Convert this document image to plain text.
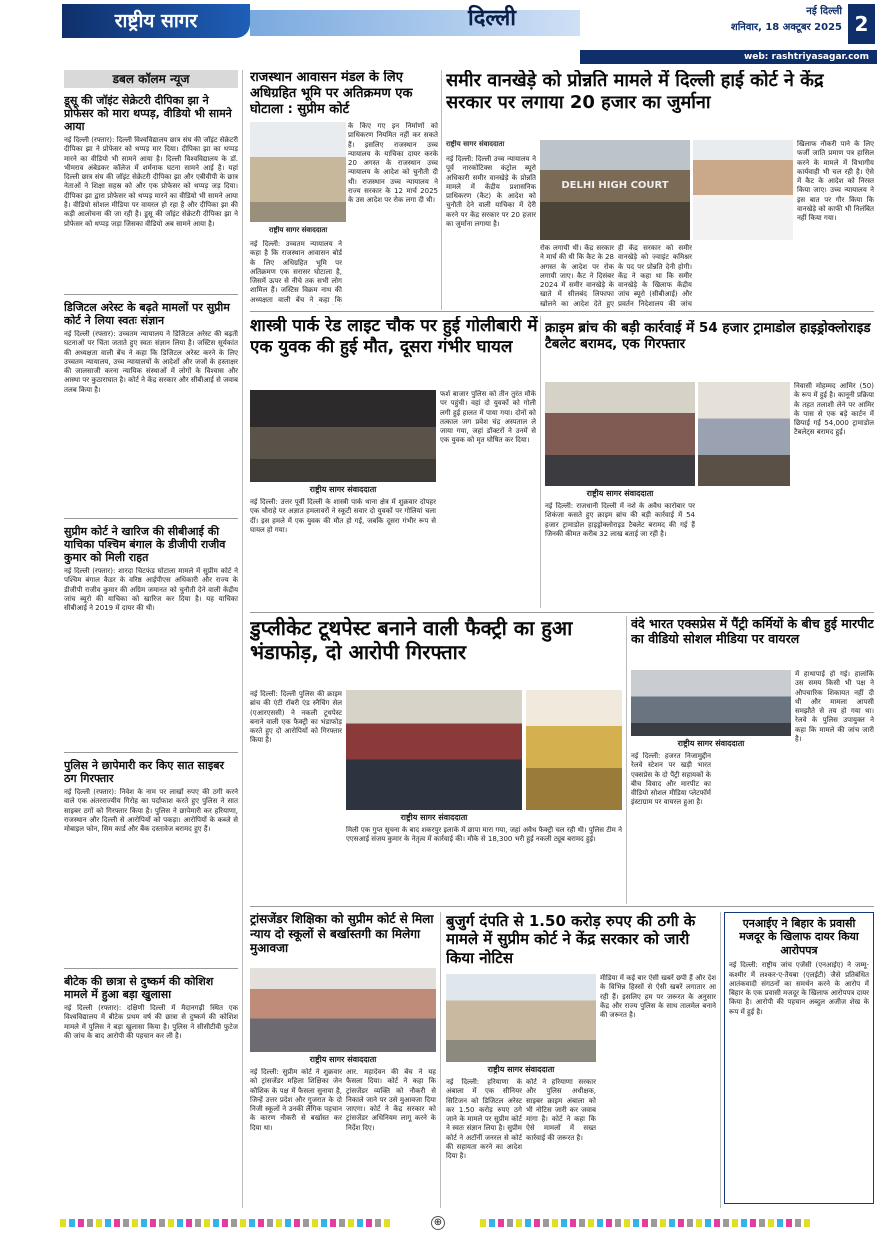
राष्ट्रीय सागर	दिल्ली	नई दिल्ली
शनिवार, 18 अक्टूबर 2025 2
web: rashtriyasagar.com
डबल कॉलम न्यूज
डूसू की जॉइंट सेक्रेटरी दीपिका झा ने प्रोफेसर को मारा थप्पड़, वीडियो भी सामने आया
नई दिल्ली (रफ्तार): दिल्ली विश्वविद्यालय छात्र संघ की जॉइंट सेक्रेटरी दीपिका झा ने प्रोफेसर को थप्पड़ मार दिया। दीपिका झा का थप्पड़ मारने का वीडियो भी सामने आया है। दिल्ली विश्वविद्यालय के डॉ. भीमराव अंबेडकर कॉलेज में शर्मनाक घटना सामने आई है। यहां दिल्ली छात्र संघ की जॉइंट सेक्रेटरी दीपिका झा और एबीवीपी के छात्र नेताओं ने शिक्षा सहस्र को और एक प्रोफेसर को थप्पड़ जड़ दिया। दीपिका झा द्वारा प्रोफेसर को थप्पड़ मारने का वीडियो भी सामने आया है। वीडियो सोशल मीडिया पर वायरल हो रहा है और दीपिका झा की कड़ी आलोचना की जा रही है। डूसू की जॉइंट सेक्रेटरी दीपिका झा ने प्रोफेसर को थप्पड़ जड़ा जिसका वीडियो अब सामने आया है।
डिजिटल अरेस्ट के बढ़ते मामलों पर सुप्रीम कोर्ट ने लिया स्वतः संज्ञान
नई दिल्ली (रफ्तार): उच्चतम न्यायालय ने डिजिटल अरेस्ट की बढ़ती घटनाओं पर चिंता जताते हुए स्वतः संज्ञान लिया है। जस्टिस सूर्यकांत की अध्यक्षता वाली बेंच ने कहा कि डिजिटल अरेस्ट करने के लिए उच्चतम न्यायालय, उच्च न्यायालयों के आदेशों और जजों के हस्ताक्षर की जालसाजी करना न्यायिक संस्थाओं में लोगों के विश्वास और आस्था पर कुठाराघात है। कोर्ट ने केंद्र सरकार और सीबीआई से जवाब तलब किया है।
सुप्रीम कोर्ट ने खारिज की सीबीआई की याचिका पश्चिम बंगाल के डीजीपी राजीव कुमार को मिली राहत
नई दिल्ली (रफ्तार): शारदा चिटफंड घोटाला मामले में सुप्रीम कोर्ट ने पश्चिम बंगाल कैडर के वरिष्ठ आईपीएस अधिकारी और राज्य के डीजीपी राजीव कुमार की अग्रिम जमानत को चुनौती देने वाली केंद्रीय जांच ब्यूरो की याचिका को खारिज कर दिया है। यह याचिका सीबीआई ने 2019 में दायर की थी।
पुलिस ने छापेमारी कर किए सात साइबर ठग गिरफ्तार
नई दिल्ली (रफ्तार): निवेश के नाम पर लाखों रुपए की ठगी करने वाले एक अंतरराज्यीय गिरोह का पर्दाफाश करते हुए पुलिस ने सात साइबर ठगों को गिरफ्तार किया है। पुलिस ने छापेमारी कर हरियाणा, राजस्थान और दिल्ली से आरोपियों को पकड़ा। आरोपियों के कब्जे से मोबाइल फोन, सिम कार्ड और बैंक दस्तावेज बरामद हुए हैं।
बीटेक की छात्रा से दुष्कर्म की कोशिश मामले में हुआ बड़ा खुलासा
नई दिल्ली (रफ्तार): दक्षिणी दिल्ली में मैदानगढ़ी स्थित एक विश्वविद्यालय में बीटेक प्रथम वर्ष की छात्रा से दुष्कर्म की कोशिश मामले में पुलिस ने बड़ा खुलासा किया है। पुलिस ने सीसीटीवी फुटेज की जांच के बाद आरोपी की पहचान कर ली है।
राजस्थान आवासन मंडल के लिए अधिग्रहित भूमि पर अतिक्रमण एक घोटाला : सुप्रीम कोर्ट
राष्ट्रीय सागर संवाददाता
नई दिल्ली: उच्चतम न्यायालय ने कहा है कि राजस्थान आवासन बोर्ड के लिए अधिग्रहित भूमि पर अतिक्रमण एक सरासर घोटाला है, जिसमें ऊपर से नीचे तक सभी लोग शामिल हैं। जस्टिस विक्रम नाथ की अध्यक्षता वाली बेंच ने कहा कि
के किए गए इन निर्माणों को प्राधिकरण नियमित नहीं कर सकते हैं। इसलिए राजस्थान उच्च न्यायालय के याचिका दायर करके 20 अगस्त के राजस्थान उच्च न्यायालय के आदेश को चुनौती दी थी। राजस्थान उच्च न्यायालय ने राज्य सरकार के 12 मार्च 2025 के उस आदेश पर रोक लगा दी थी।
समीर वानखेड़े को प्रोन्नति मामले में दिल्ली हाई कोर्ट ने केंद्र सरकार पर लगाया 20 हजार का जुर्माना
राष्ट्रीय सागर संवाददाता
नई दिल्ली: दिल्ली उच्च न्यायालय ने पूर्व नारकोटिक्स कंट्रोल ब्यूरो अधिकारी समीर वानखेड़े के प्रोन्नति मामले में केंद्रीय प्रशासनिक प्राधिकरण (कैट) के आदेश को चुनौती देने वाली याचिका में देरी करने पर केंद्र सरकार पर 20 हजार का जुर्माना लगाया है।
DELHI HIGH COURT
रोक लगायी थी। केंद्र सरकार ने मार्च की थी कि कैट के 28 अगस्त के आदेश पर रोक लगायी जाए। कैट ने दिसंबर 2024 में समीर वानखेड़े के खाते में सीलबंद लिफाफा खोलने का आदेश देते हुए
ही केंद्र सरकार को समीर वानखेड़े को ज्वाइंट कमिश्नर के पद पर प्रोन्नति देनी होगी। केंद्र ने कहा था कि समीर वानखेड़े के खिलाफ केंद्रीय जांच ब्यूरो (सीबीआई) और प्रवर्तन निदेशालय की जांच
खिलाफ नौकरी पाने के लिए फर्जी जाति प्रमाण पत्र हासिल करने के मामले में विभागीय कार्यवाही भी चल रही है। ऐसे में कैट के आदेश को निरस्त किया जाए। उच्च न्यायालय ने इस बात पर गौर किया कि वानखेड़े को काफी भी निलंबित नहीं किया गया।
शास्त्री पार्क रेड लाइट चौक पर हुई गोलीबारी में एक युवक की हुई मौत, दूसरा गंभीर घायल
राष्ट्रीय सागर संवाददाता
नई दिल्ली: उत्तर पूर्वी दिल्ली के शास्त्री पार्क थाना क्षेत्र में शुक्रवार दोपहर एक चौराहे पर अज्ञात हमलावरों ने स्कूटी सवार दो युवकों पर गोलियां चला दीं। इस हमले में एक युवक की मौत हो गई, जबकि दूसरा गंभीर रूप से घायल हो गया।
फर्श बाजार पुलिस को तीन तुरंत मौके पर पहुंची। वहां दो युवकों को गोली लगी हुई हालत में पाया गया। दोनों को तत्काल जग प्रवेश चंद्र अस्पताल ले जाया गया, जहां डॉक्टरों ने उनमें से एक युवक को मृत घोषित कर दिया।
क्राइम ब्रांच की बड़ी कार्रवाई में 54 हजार ट्रामाडोल हाइड्रोक्लोराइड टैबलेट बरामद, एक गिरफ्तार
राष्ट्रीय सागर संवाददाता
नई दिल्ली: राजधानी दिल्ली में नशे के अवैध कारोबार पर शिकंजा कसते हुए क्राइम ब्रांच की बड़ी कार्रवाई में 54 हजार ट्रामाडोल हाइड्रोक्लोराइड टैबलेट बरामद की गई हैं जिनकी कीमत करीब 32 लाख बताई जा रही है।
निवासी मोहम्मद आमिर (50) के रूप में हुई है। कानूनी प्रक्रिया के तहत तलाशी लेने पर आमिर के पास से एक बड़े कार्टन में छिपाई गई 54,000 ट्रामाडोल टैबलेट्स बरामद हुई।
डुप्लीकेट टूथपेस्ट बनाने वाली फैक्ट्री का हुआ भंडाफोड़, दो आरोपी गिरफ्तार
नई दिल्ली: दिल्ली पुलिस की क्राइम ब्रांच की एंटी रॉबरी एंड स्नैचिंग सेल (एआरएससी) ने नकली टूथपेस्ट बनाने वाली एक फैक्ट्री का भंडाफोड़ करते हुए दो आरोपियों को गिरफ्तार किया है।
राष्ट्रीय सागर संवाददाता
मिली एक गुप्त सूचना के बाद शकरपुर इलाके में छापा मारा गया, जहां अवैध फैक्ट्री चल रही थी। पुलिस टीम ने एएसआई संजय कुमार के नेतृत्व में कार्रवाई की। मौके से 18,300 भरी हुई नकली ट्यूब बरामद हुई।
वंदे भारत एक्सप्रेस में पैंट्री कर्मियों के बीच हुई मारपीट का वीडियो सोशल मीडिया पर वायरल
राष्ट्रीय सागर संवाददाता
नई दिल्ली: हजरत निजामुद्दीन रेलवे स्टेशन पर खड़ी भारत एक्सप्रेस के दो पैंट्री सहायकों के बीच विवाद और मारपीट का वीडियो सोशल मीडिया प्लेटफॉर्म इंस्टाग्राम पर वायरल हुआ है।
में हाथापाई हो गई। हालांकि उस समय किसी भी पक्ष ने औपचारिक शिकायत नहीं दी थी और मामला आपसी समझौते से तय हो गया था। रेलवे के पुलिस उपायुक्त ने कहा कि मामले की जांच जारी है।
ट्रांसजेंडर शिक्षिका को सुप्रीम कोर्ट से मिला न्याय दो स्कूलों से बर्खास्तगी का मिलेगा मुआवजा
राष्ट्रीय सागर संवाददाता
नई दिल्ली: सुप्रीम कोर्ट ने शुक्रवार को ट्रांसजेंडर महिला शिक्षिका जेन कौशिक के पक्ष में फैसला सुनाया है, जिन्हें उत्तर प्रदेश और गुजरात के दो निजी स्कूलों ने उनकी लैंगिक पहचान के कारण नौकरी से बर्खास्त कर दिया था।
आर. महादेवन की बेंच ने यह फैसला दिया। कोर्ट ने कहा कि ट्रांसजेंडर व्यक्ति को नौकरी से निकाले जाने पर उसे मुआवजा दिया जाएगा। कोर्ट ने केंद्र सरकार को ट्रांसजेंडर अधिनियम लागू करने के निर्देश दिए।
बुजुर्ग दंपति से 1.50 करोड़ रुपए की ठगी के मामले में सुप्रीम कोर्ट ने केंद्र सरकार को जारी किया नोटिस
राष्ट्रीय सागर संवाददाता
नई दिल्ली: हरियाणा के अंबाला में एक सीनियर सिटिजन को डिजिटल अरेस्ट कर 1.50 करोड़ रुपए ठगे जाने के मामले पर सुप्रीम कोर्ट ने स्वतः संज्ञान लिया है। सुप्रीम कोर्ट ने अटॉर्नी जनरल से कोर्ट की सहायता करने का आदेश दिया है।
कोर्ट ने हरियाणा सरकार और पुलिस अधीक्षक, साइबर क्राइम अंबाला को भी नोटिस जारी कर जवाब मांगा है। कोर्ट ने कहा कि ऐसे मामलों में सख्त कार्रवाई की जरूरत है।
मीडिया में कई बार ऐसी खबरें छपी हैं और देश के विभिन्न हिस्सों से ऐसी खबरें लगातार आ रही हैं। इसलिए हम पर जरूरत के अनुसार केंद्र और राज्य पुलिस के साथ तालमेल बनाने की जरूरत है।
एनआईए ने बिहार के प्रवासी मजदूर के खिलाफ दायर किया आरोपपत्र
नई दिल्ली: राष्ट्रीय जांच एजेंसी (एनआईए) ने जम्मू-कश्मीर में लश्कर-ए-तैयबा (एलईटी) जैसे प्रतिबंधित आतंकवादी संगठनों का समर्थन करने के आरोप में बिहार के एक प्रवासी मजदूर के खिलाफ आरोपपत्र दायर किया है। आरोपी की पहचान अब्दुल अजीज शेख के रूप में हुई है।
⊕
